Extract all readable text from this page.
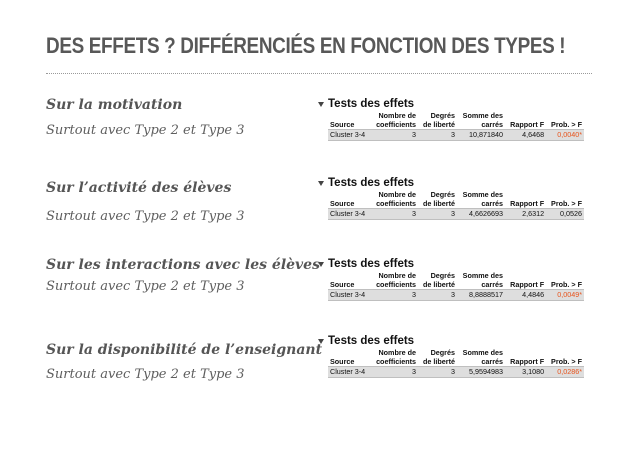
DES EFFETS ? DIFFÉRENCIÉS EN FONCTION DES TYPES !
Sur la motivation
Surtout avec Type 2 et Type 3
Tests des effets
Source	Nombre de	Degrés	Somme des	Rapport F	Prob. > F
	coefficients	de liberté	carrés		
Cluster 3-4	3	3	10,871840	4,6468	0,0040*
Sur l’activité des élèves
Surtout avec Type 2 et Type 3
Tests des effets
Source	Nombre de	Degrés	Somme des	Rapport F	Prob. > F
	coefficients	de liberté	carrés		
Cluster 3-4	3	3	4,6626693	2,6312	0,0526
Sur les interactions avec les élèves
Surtout avec Type 2 et Type 3
Tests des effets
Source	Nombre de	Degrés	Somme des	Rapport F	Prob. > F
	coefficients	de liberté	carrés		
Cluster 3-4	3	3	8,8888517	4,4846	0,0049*
Sur la disponibilité de l’enseignant
Surtout avec Type 2 et Type 3
Tests des effets
Source	Nombre de	Degrés	Somme des	Rapport F	Prob. > F
	coefficients	de liberté	carrés		
Cluster 3-4	3	3	5,9594983	3,1080	0,0286*
